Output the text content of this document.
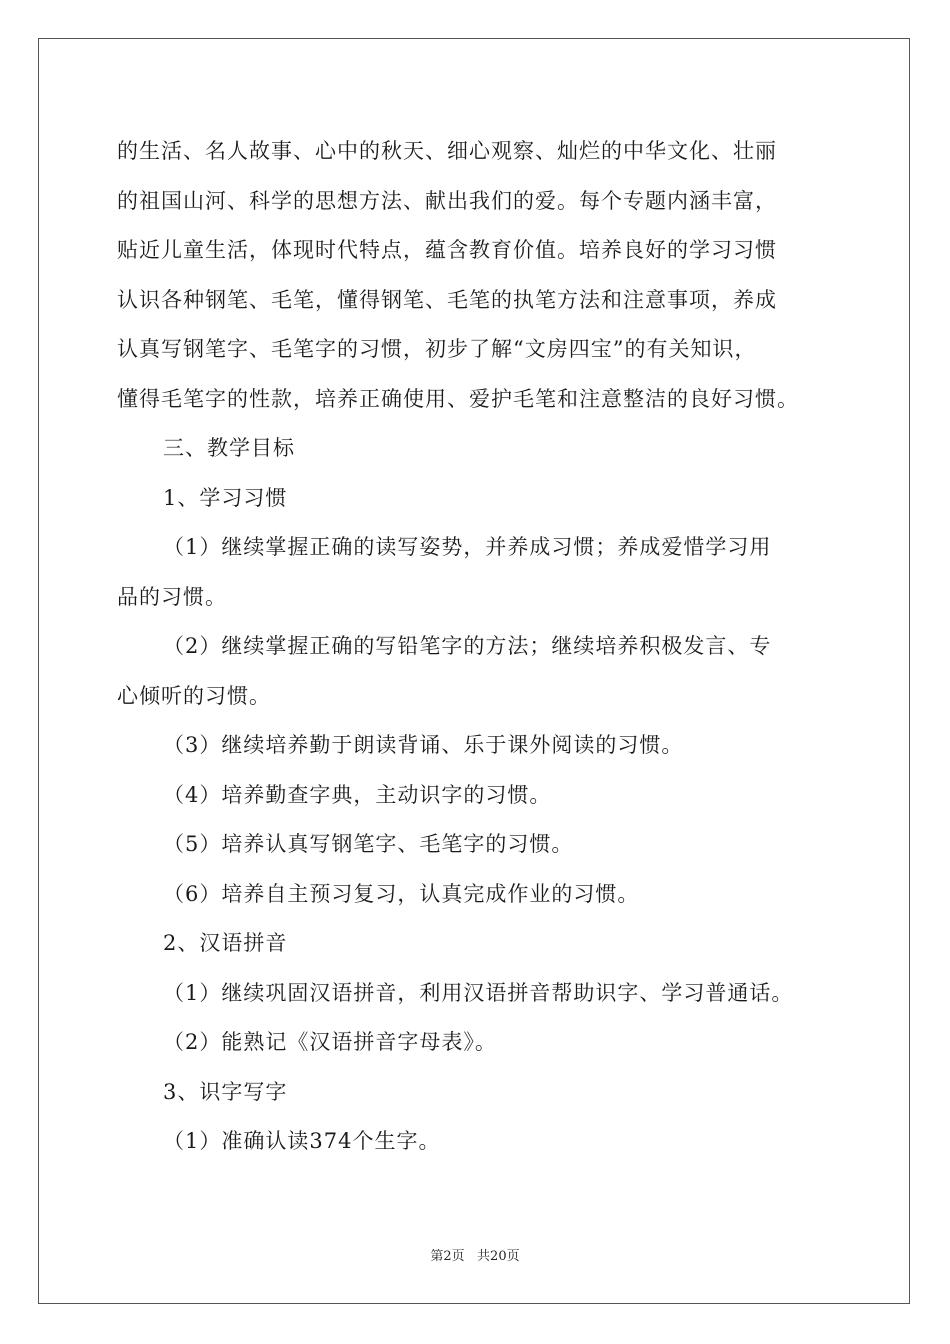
的生活、名人故事、心中的秋天、细心观察、灿烂的中华文化、壮丽
的祖国山河、科学的思想方法、献出我们的爱。每个专题内涵丰富，
贴近儿童生活，体现时代特点，蕴含教育价值。培养良好的学习习惯
认识各种钢笔、毛笔，懂得钢笔、毛笔的执笔方法和注意事项，养成
认真写钢笔字、毛笔字的习惯，初步了解“文房四宝”的有关知识，
懂得毛笔字的性款，培养正确使用、爱护毛笔和注意整洁的良好习惯。
三、教学目标
1、学习习惯
（1）继续掌握正确的读写姿势，并养成习惯；养成爱惜学习用
品的习惯。
（2）继续掌握正确的写铅笔字的方法；继续培养积极发言、专
心倾听的习惯。
（3）继续培养勤于朗读背诵、乐于课外阅读的习惯。
（4）培养勤查字典，主动识字的习惯。
（5）培养认真写钢笔字、毛笔字的习惯。
（6）培养自主预习复习，认真完成作业的习惯。
2、汉语拼音
（1）继续巩固汉语拼音，利用汉语拼音帮助识字、学习普通话。
（2）能熟记《汉语拼音字母表》。
3、识字写字
（1）准确认读374个生字。
第2页   共20页
